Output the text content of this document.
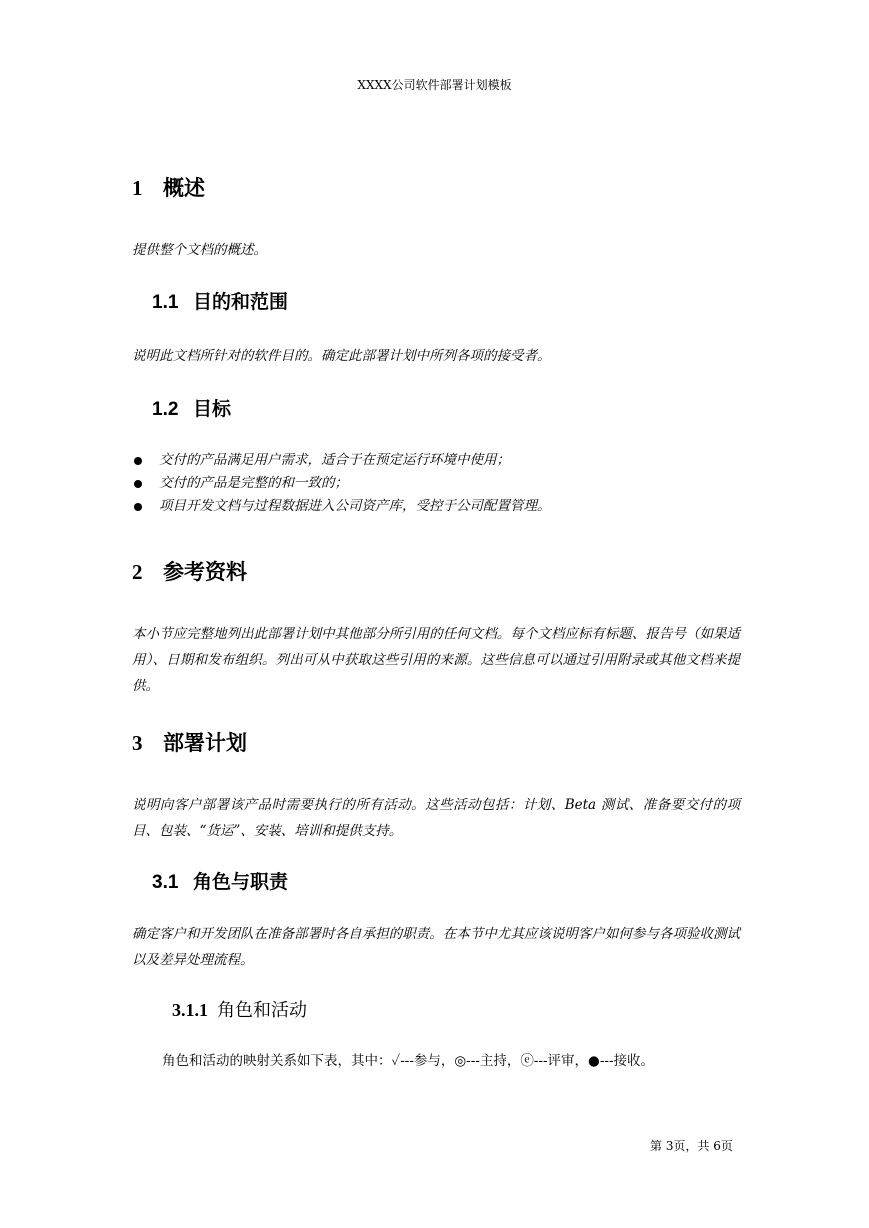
XXXX公司软件部署计划模板
1 概述
提供整个文档的概述。
1.1 目的和范围
说明此文档所针对的软件目的。确定此部署计划中所列各项的接受者。
1.2 目标
交付的产品满足用户需求，适合于在预定运行环境中使用；
交付的产品是完整的和一致的；
项目开发文档与过程数据进入公司资产库，受控于公司配置管理。
2 参考资料
本小节应完整地列出此部署计划中其他部分所引用的任何文档。每个文档应标有标题、报告号（如果适用）、日期和发布组织。列出可从中获取这些引用的来源。这些信息可以通过引用附录或其他文档来提供。
3 部署计划
说明向客户部署该产品时需要执行的所有活动。这些活动包括：计划、Beta 测试、准备要交付的项目、包装、“货运”、安装、培训和提供支持。
3.1 角色与职责
确定客户和开发团队在准备部署时各自承担的职责。在本节中尤其应该说明客户如何参与各项验收测试以及差异处理流程。
3.1.1 角色和活动
角色和活动的映射关系如下表，其中：✓---参与，◎---主持，ⓔ---评审，●---接收。
第 3页，共 6页
